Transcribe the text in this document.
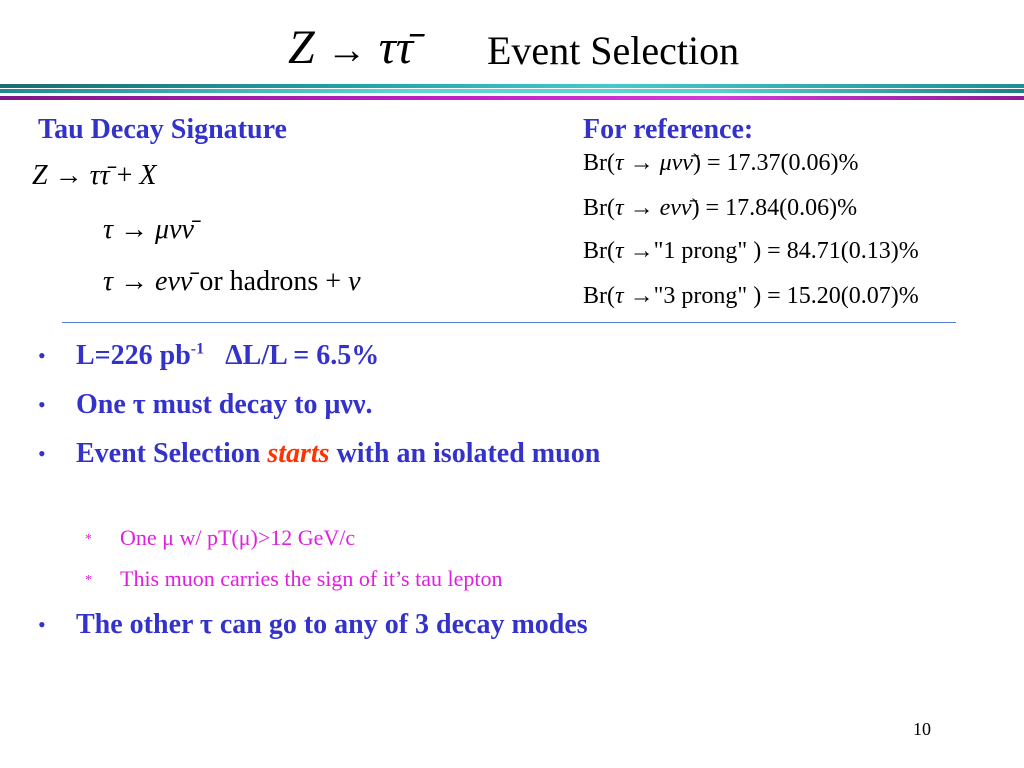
Z → ττ̄ Event Selection
Tau Decay Signature
Z → ττ̄ + X
τ → μνν̄
τ → eνν̄ or hadrons + ν
For reference:
Br(τ → μνν̄) = 17.37(0.06)%
Br(τ → eνν̄) = 17.84(0.06)%
Br(τ →"1 prong" ) = 84.71(0.13)%
Br(τ →"3 prong" ) = 15.20(0.07)%
• L=226 $pb^{-1}$   ΔL/L = 6.5%
• One τ must decay to μνν.
• Event Selection starts with an isolated muon
* One μ w/ pT(μ)>12 GeV/c
* This muon carries the sign of it’s tau lepton
• The other τ can go to any of 3 decay modes
10
